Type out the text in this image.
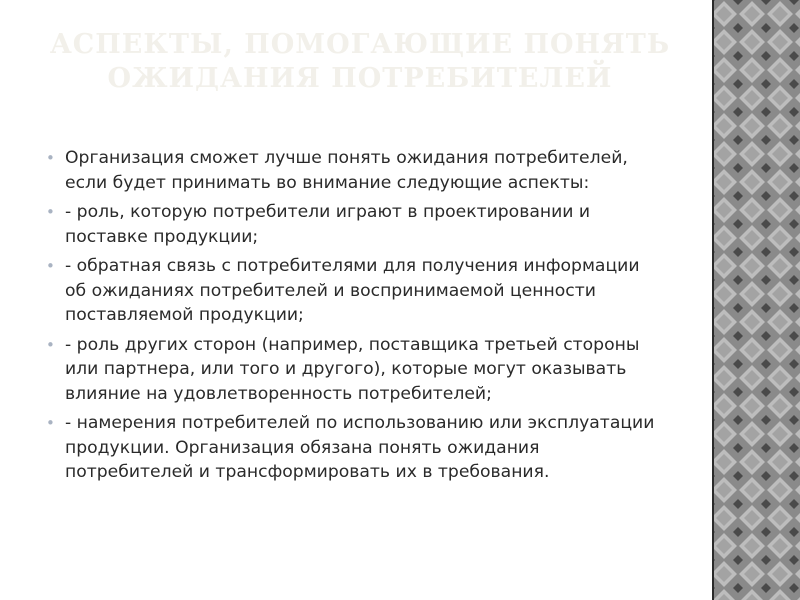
АСПЕКТЫ, ПОМОГАЮЩИЕ ПОНЯТЬ
ОЖИДАНИЯ ПОТРЕБИТЕЛЕЙ
• Организация сможет лучше понять ожидания потребителей, если будет принимать во внимание следующие аспекты:
• - роль, которую потребители играют в проектировании и поставке продукции;
• - обратная связь с потребителями для получения информации об ожиданиях потребителей и воспринимаемой ценности поставляемой продукции;
• - роль других сторон (например, поставщика третьей стороны или партнера, или того и другого), которые могут оказывать влияние на удовлетворенность потребителей;
• - намерения потребителей по использованию или эксплуатации продукции. Организация обязана понять ожидания потребителей и трансформировать их в требования.
